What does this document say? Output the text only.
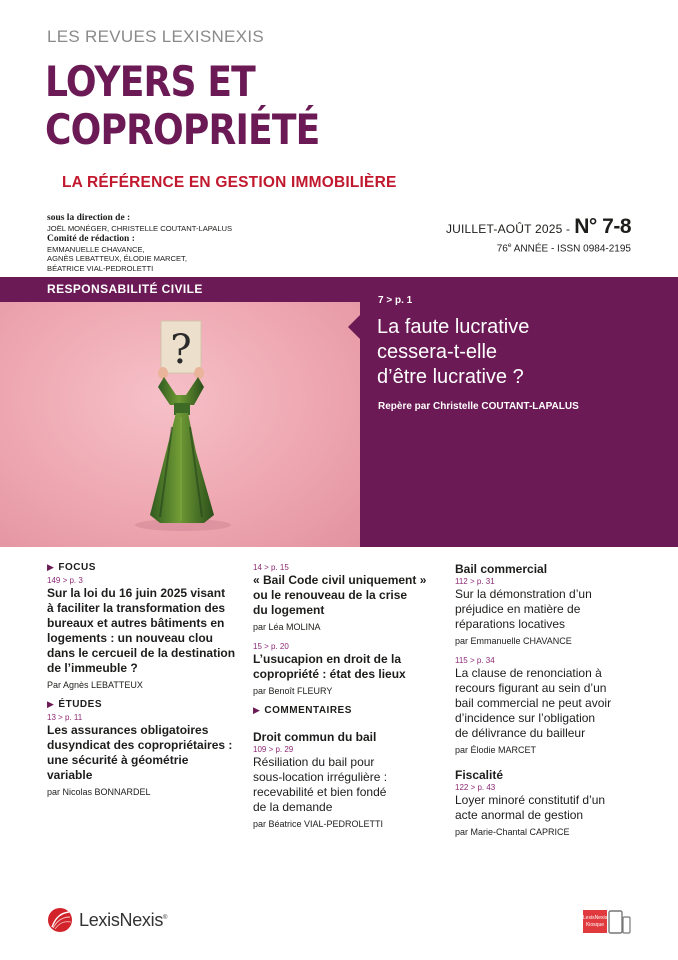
LES REVUES LEXISNEXIS
LOYERS ET
COPROPRIÉTÉ
LA RÉFÉRENCE EN GESTION IMMOBILIÈRE
sous la direction de :
JOËL MONÉGER, CHRISTELLE COUTANT-LAPALUS
Comité de rédaction :
EMMANUELLE CHAVANCE,
AGNÈS LEBATTEUX, ÉLODIE MARCET,
BÉATRICE VIAL-PEDROLETTI
JUILLET-AOÛT 2025 - N° 7-8
76e ANNÉE - ISSN 0984-2195
?
RESPONSABILITÉ CIVILE
7 > p. 1
La faute lucrative
cessera-t-elle
d’être lucrative ?
Repère par Christelle COUTANT-LAPALUS
▶ FOCUS
149 > p. 3
Sur la loi du 16 juin 2025 visant
à faciliter la transformation des
bureaux et autres bâtiments en
logements : un nouveau clou
dans le cercueil de la destination
de l’immeuble ?
Par Agnès LEBATTEUX
▶ ÉTUDES
13 > p. 11
Les assurances obligatoires
dusyndicat des copropriétaires :
une sécurité à géométrie variable
par Nicolas BONNARDEL
14 > p. 15
« Bail Code civil uniquement »
ou le renouveau de la crise
du logement
par Léa MOLINA
15 > p. 20
L’usucapion en droit de la
copropriété : état des lieux
par Benoît FLEURY
▶ COMMENTAIRES
Droit commun du bail
109 > p. 29
Résiliation du bail pour
sous-location irrégulière :
recevabilité et bien fondé
de la demande
par Béatrice VIAL-PEDROLETTI
Bail commercial
112 > p. 31
Sur la démonstration d’un
préjudice en matière de
réparations locatives
par Emmanuelle CHAVANCE
115 > p. 34
La clause de renonciation à
recours figurant au sein d’un
bail commercial ne peut avoir
d’incidence sur l’obligation
de délivrance du bailleur
par Élodie MARCET
Fiscalité
122 > p. 43
Loyer minoré constitutif d’un
acte anormal de gestion
par Marie-Chantal CAPRICE
LexisNexis®	LexisNexis
Kiosque
